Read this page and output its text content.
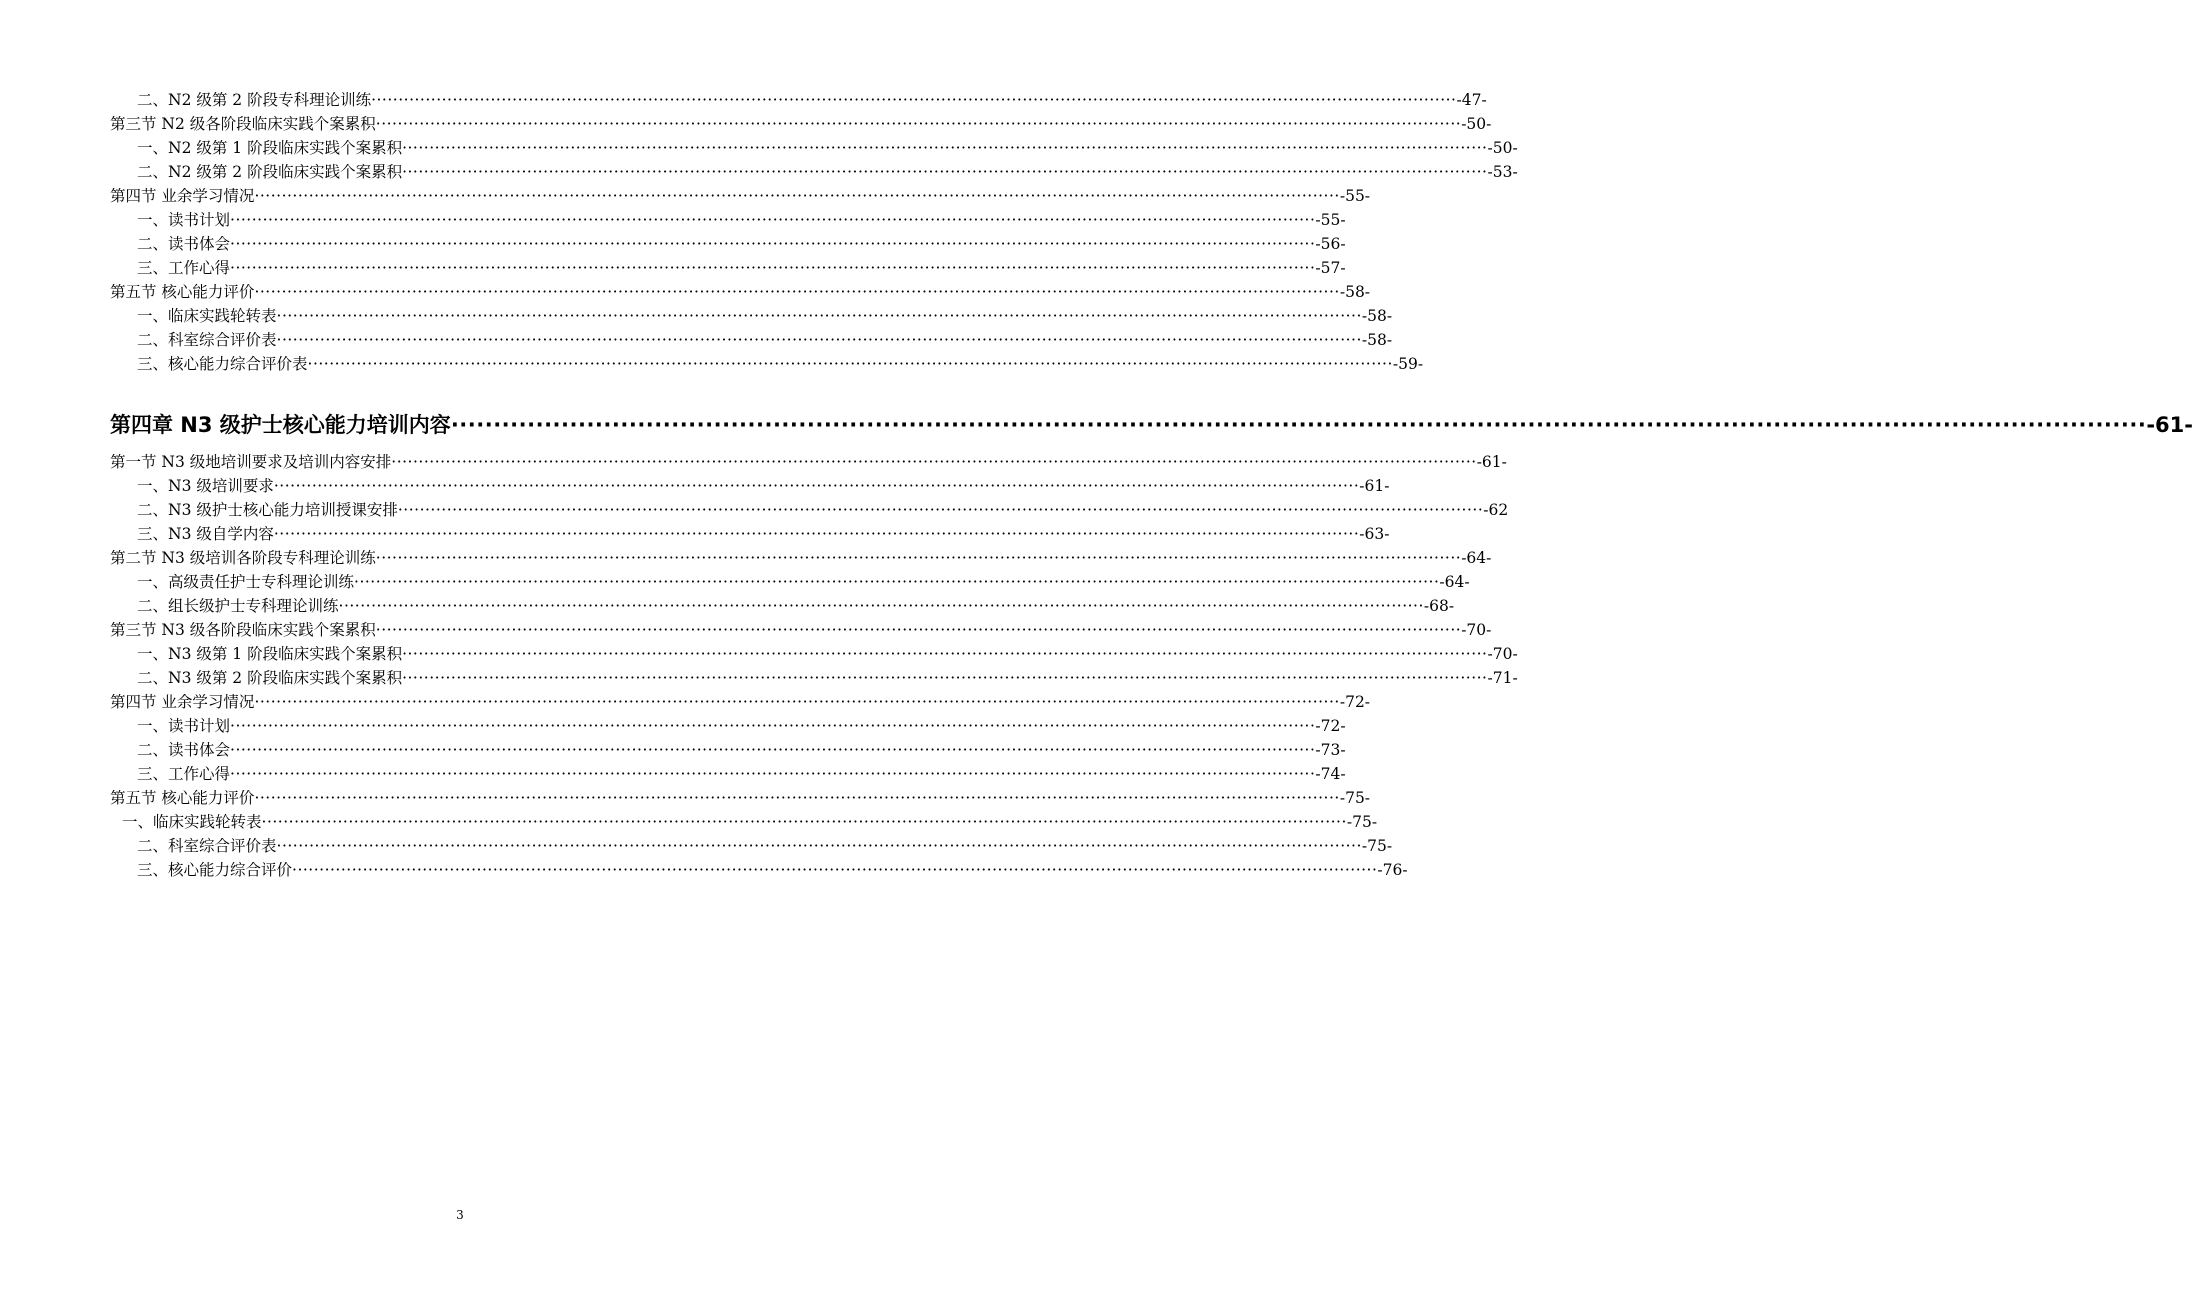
二、N2 级第 2 阶段专科理论训练 ········································································································································································································ -47-
第三节 N2 级各阶段临床实践个案累积 ········································································································································································································ -50-
一、N2 级第 1 阶段临床实践个案累积 ········································································································································································································ -50-
二、N2 级第 2 阶段临床实践个案累积 ········································································································································································································ -53-
第四节 业余学习情况 ········································································································································································································ -55-
一、读书计划 ········································································································································································································ -55-
二、读书体会 ········································································································································································································ -56-
三、工作心得 ········································································································································································································ -57-
第五节 核心能力评价 ········································································································································································································ -58-
一、临床实践轮转表 ········································································································································································································ -58-
二、科室综合评价表 ········································································································································································································ -58-
三、核心能力综合评价表 ········································································································································································································ -59-
第四章 N3 级护士核心能力培训内容 ········································································································································································································ -61-
第一节 N3 级地培训要求及培训内容安排 ········································································································································································································ -61-
一、N3 级培训要求 ········································································································································································································ -61-
二、N3 级护士核心能力培训授课安排 ········································································································································································································ -62
三、N3 级自学内容 ········································································································································································································ -63-
第二节 N3 级培训各阶段专科理论训练 ········································································································································································································ -64-
一、高级责任护士专科理论训练 ········································································································································································································ -64-
二、组长级护士专科理论训练 ········································································································································································································ -68-
第三节 N3 级各阶段临床实践个案累积 ········································································································································································································ -70-
一、N3 级第 1 阶段临床实践个案累积 ········································································································································································································ -70-
二、N3 级第 2 阶段临床实践个案累积 ········································································································································································································ -71-
第四节 业余学习情况 ········································································································································································································ -72-
一、读书计划 ········································································································································································································ -72-
二、读书体会 ········································································································································································································ -73-
三、工作心得 ········································································································································································································ -74-
第五节 核心能力评价 ········································································································································································································ -75-
一、临床实践轮转表 ········································································································································································································ -75-
二、科室综合评价表 ········································································································································································································ -75-
三、核心能力综合评价 ········································································································································································································ -76-
3
